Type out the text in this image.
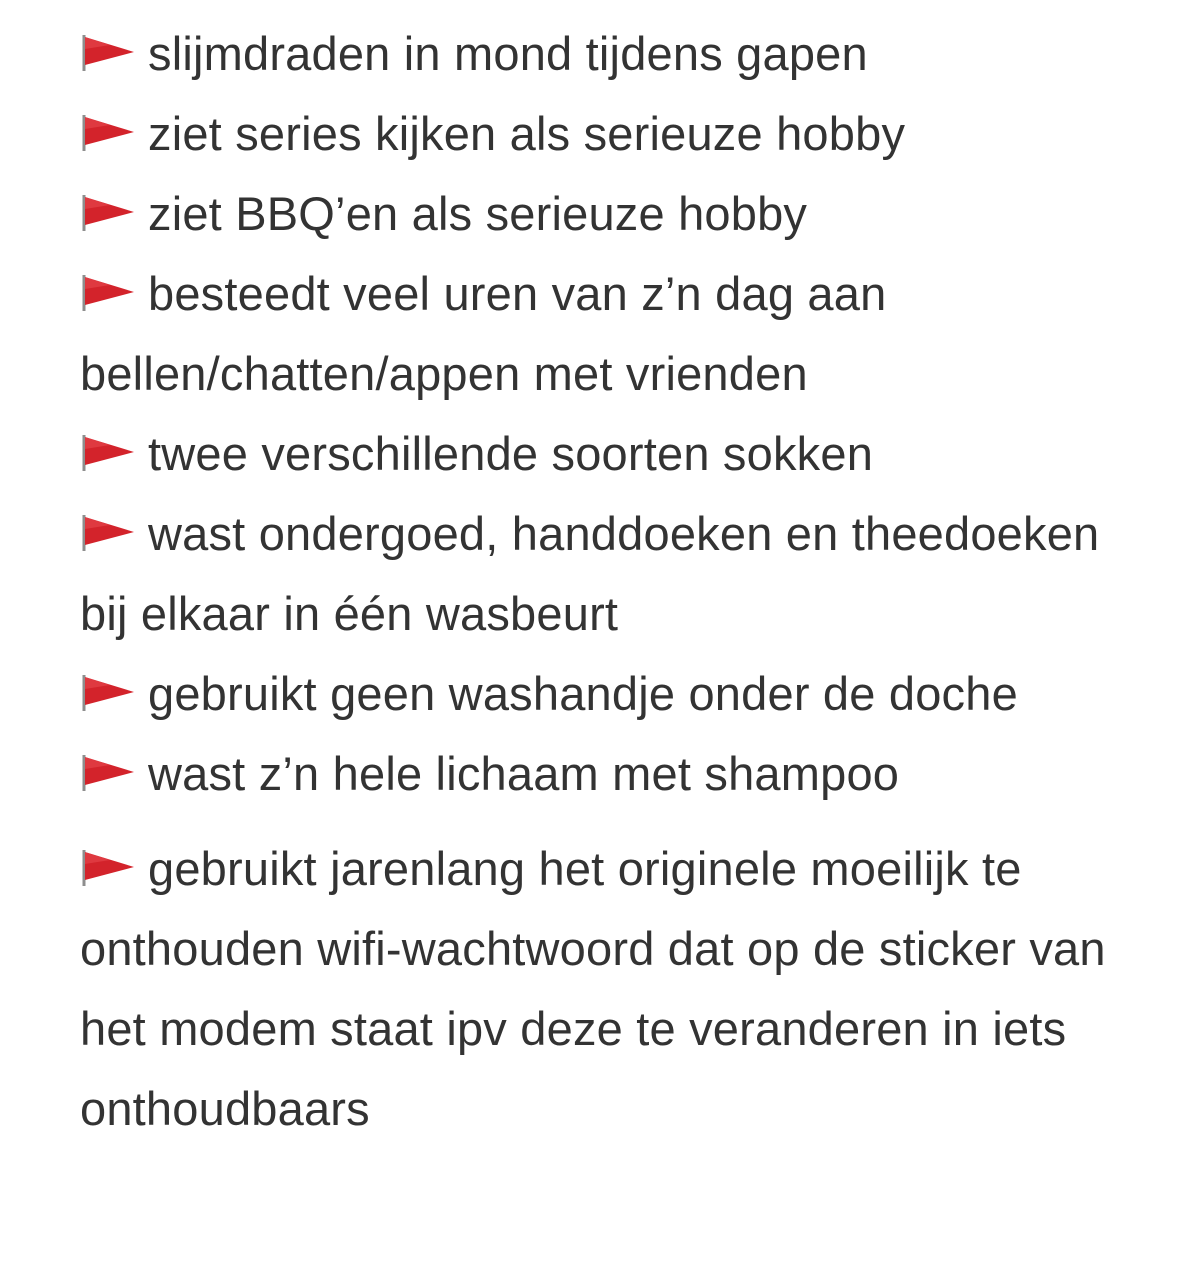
slijmdraden in mond tijdens gapen

ziet series kijken als serieuze hobby

ziet BBQ’en als serieuze hobby

besteedt veel uren van z’n dag aan bellen/chatten/appen met vrienden

twee verschillende soorten sokken

wast ondergoed, handdoeken en theedoeken bij elkaar in één wasbeurt

gebruikt geen washandje onder de doche

wast z’n hele lichaam met shampoo

gebruikt jarenlang het originele moeilijk te onthouden wifi-wachtwoord dat op de sticker van het modem staat ipv deze te veranderen in iets onthoudbaars
